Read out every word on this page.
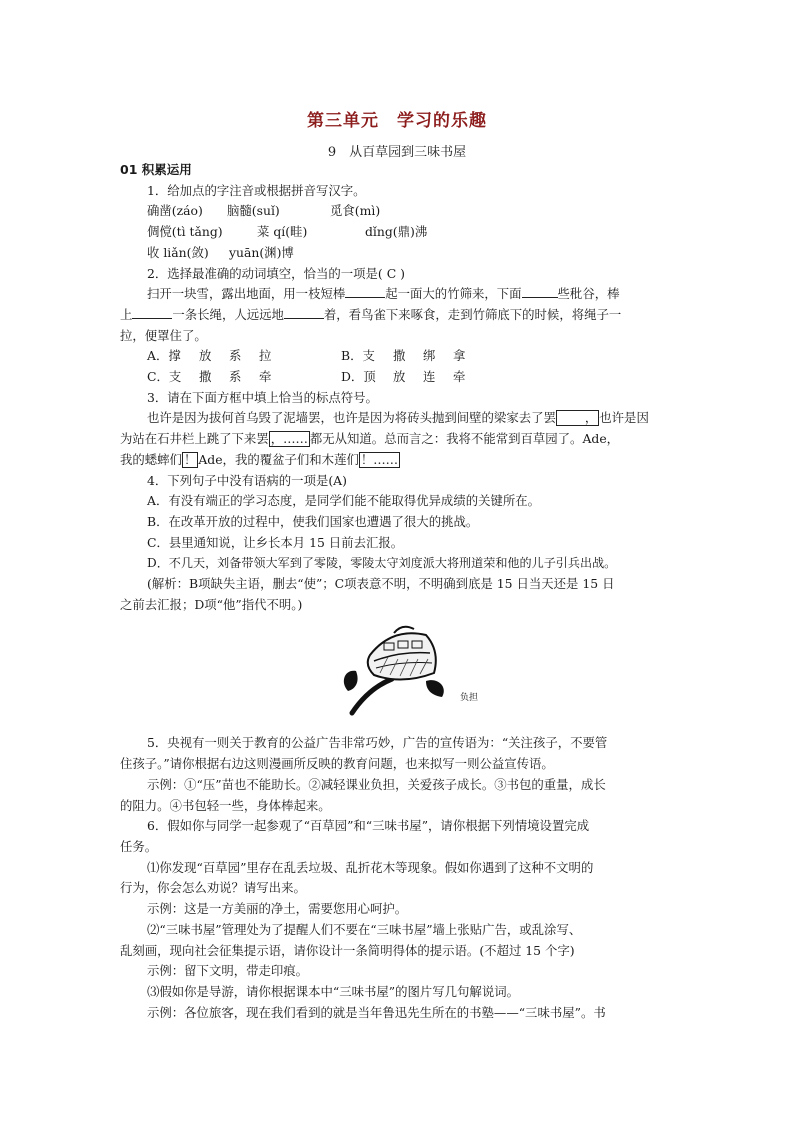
第三单元　学习的乐趣
9　从百草园到三味书屋

01 积累运用

1．给加点的字注音或根据拼音写汉字。

确凿(záo)	脑髓(suǐ)	觅食(mì)
倜傥(tì tǎng)	菜 qí(畦)	dǐng(鼎)沸
收 liǎn(敛)	yuān(渊)博

2．选择最准确的动词填空，恰当的一项是( C )

扫开一块雪，露出地面，用一枝短棒	起一面大的竹筛来，下面	些秕谷，棒

上	一条长绳，人远远地	着，看鸟雀下来啄食，走到竹筛底下的时候，将绳子一

拉，便罩住了。

A．撑	放	系	拉	B．支	撒	绑	拿
C．支	撒	系	牵	D．顶	放	连	牵

3．请在下面方框中填上恰当的标点符号。

也许是因为拔何首乌毁了泥墙罢，也许是因为将砖头抛到间壁的梁家去了罢 ， 也许是因

为站在石井栏上跳了下来罢 ，…… 都无从知道。总而言之：我将不能常到百草园了。Ade，

我的蟋蟀们 ！ Ade，我的覆盆子们和木莲们 ！……

4．下列句子中没有语病的一项是(A)

A．有没有端正的学习态度，是同学们能不能取得优异成绩的关键所在。

B．在改革开放的过程中，使我们国家也遭遇了很大的挑战。

C．县里通知说，让乡长本月 15 日前去汇报。

D．不几天，刘备带领大军到了零陵，零陵太守刘度派大将刑道荣和他的儿子引兵出战。

(解析：B项缺失主语，删去“使”；C项表意不明，不明确到底是 15 日当天还是 15 日

之前去汇报；D项“他”指代不明。)

负担

5．央视有一则关于教育的公益广告非常巧妙，广告的宣传语为：“关注孩子，不要管

住孩子。”请你根据右边这则漫画所反映的教育问题，也来拟写一则公益宣传语。

示例：①“压”苗也不能助长。②减轻课业负担，关爱孩子成长。③书包的重量，成长

的阻力。④书包轻一些，身体棒起来。

6．假如你与同学一起参观了“百草园”和“三味书屋”，请你根据下列情境设置完成

任务。

⑴你发现“百草园”里存在乱丢垃圾、乱折花木等现象。假如你遇到了这种不文明的

行为，你会怎么劝说？请写出来。

示例：这是一方美丽的净土，需要您用心呵护。

⑵“三味书屋”管理处为了提醒人们不要在“三味书屋”墙上张贴广告，或乱涂写、

乱刻画，现向社会征集提示语，请你设计一条简明得体的提示语。(不超过 15 个字)

示例：留下文明，带走印痕。

⑶假如你是导游，请你根据课本中“三味书屋”的图片写几句解说词。

示例：各位旅客，现在我们看到的就是当年鲁迅先生所在的书塾——“三味书屋”。书
